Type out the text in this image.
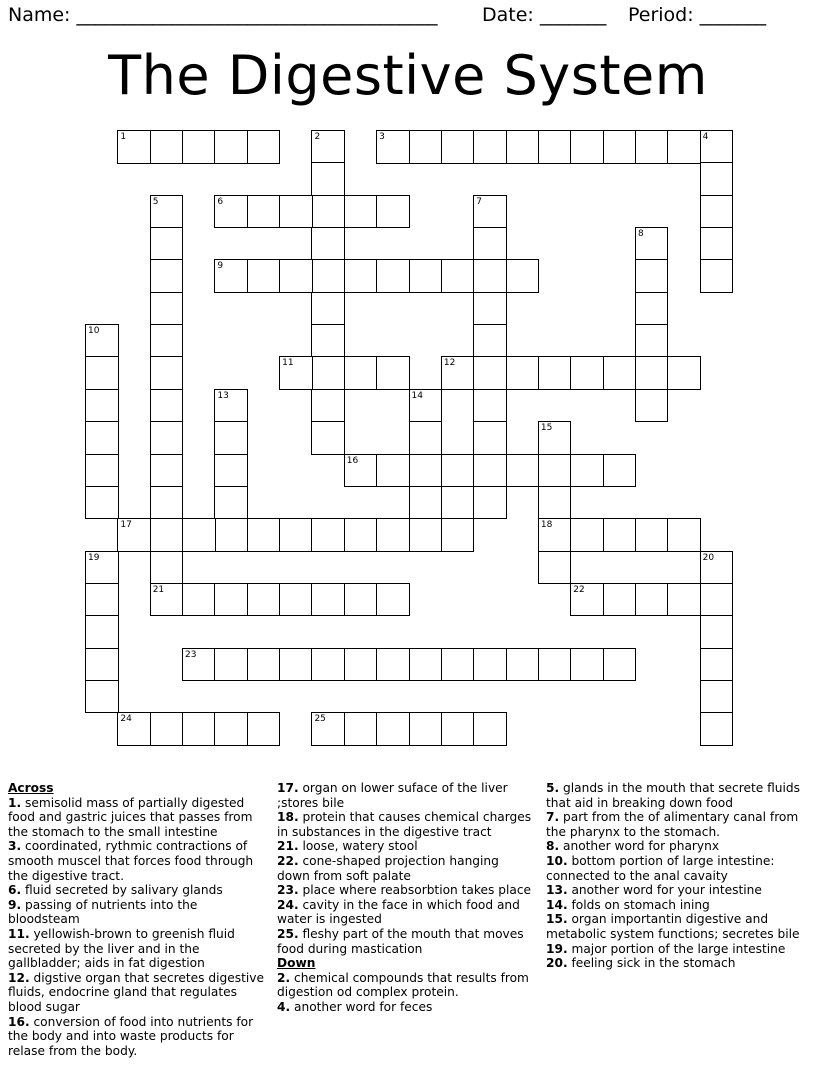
Name: ______________________________________ Date: _______ Period: _______
The Digestive System
1	2	3	4
5	6	7
8
9
10
11	12
13	14
15
18
16
17
19	20
21	22
23
24	25
Across
1. semisolid mass of partially digested food and gastric juices that passes from the stomach to the small intestine
3. coordinated, rythmic contractions of smooth muscel that forces food through the digestive tract.
6. fluid secreted by salivary glands
9. passing of nutrients into the bloodsteam
11. yellowish-brown to greenish fluid secreted by the liver and in the gallbladder; aids in fat digestion
12. digstive organ that secretes digestive fluids, endocrine gland that regulates blood sugar
16. conversion of food into nutrients for the body and into waste products for relase from the body.
17. organ on lower suface of the liver ;stores bile
18. protein that causes chemical charges in substances in the digestive tract
21. loose, watery stool
22. cone-shaped projection hanging down from soft palate
23. place where reabsorbtion takes place
24. cavity in the face in which food and water is ingested
25. fleshy part of the mouth that moves food during mastication
Down
2. chemical compounds that results from digestion od complex protein.
4. another word for feces
5. glands in the mouth that secrete fluids that aid in breaking down food
7. part from the of alimentary canal from the pharynx to the stomach.
8. another word for pharynx
10. bottom portion of large intestine: connected to the anal cavaity
13. another word for your intestine
14. folds on stomach ining
15. organ importantin digestive and metabolic system functions; secretes bile
19. major portion of the large intestine
20. feeling sick in the stomach
